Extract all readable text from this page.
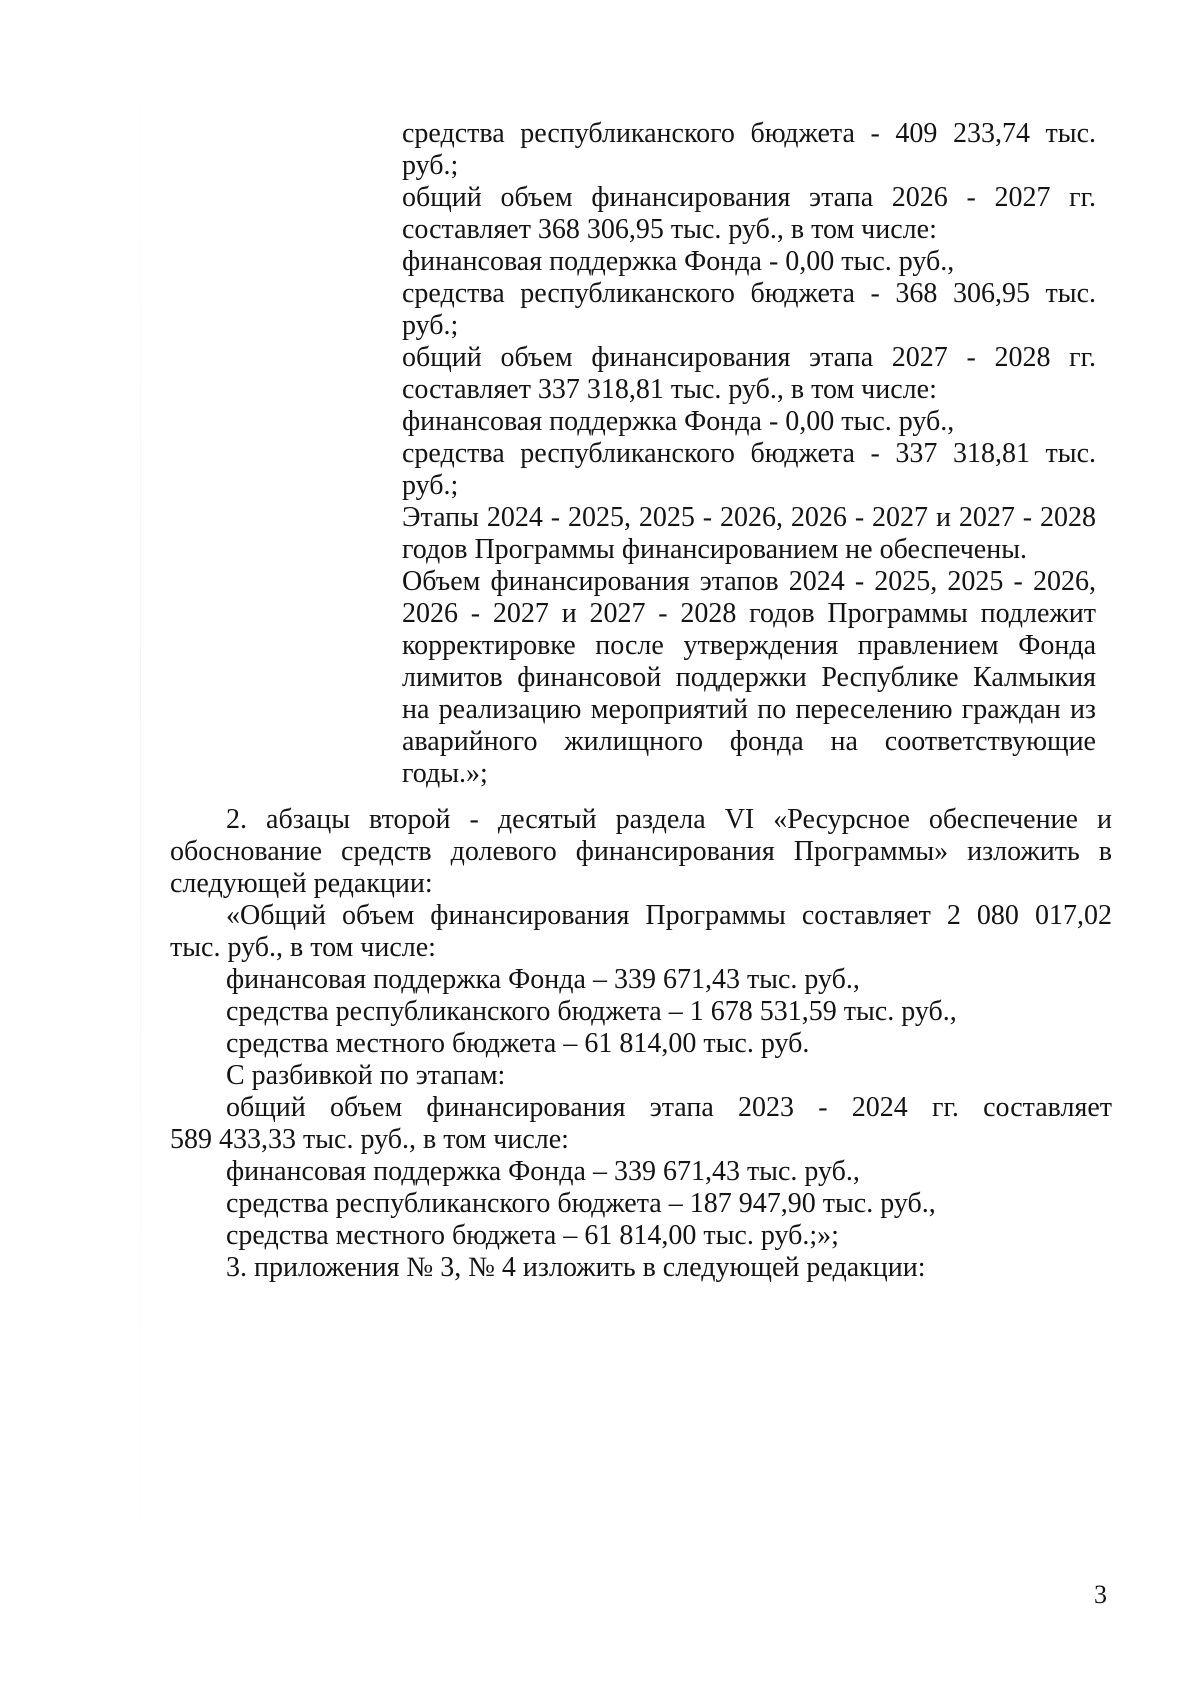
средства республиканского бюджета - 409 233,74 тыс.
руб.;
общий объем финансирования этапа 2026 - 2027 гг.
составляет 368 306,95 тыс. руб., в том числе:
финансовая поддержка Фонда - 0,00 тыс. руб.,
средства республиканского бюджета - 368 306,95 тыс.
руб.;
общий объем финансирования этапа 2027 - 2028 гг.
составляет 337 318,81 тыс. руб., в том числе:
финансовая поддержка Фонда - 0,00 тыс. руб.,
средства республиканского бюджета - 337 318,81 тыс.
руб.;
Этапы 2024 - 2025, 2025 - 2026, 2026 - 2027 и 2027 - 2028
годов Программы финансированием не обеспечены.
Объем финансирования этапов 2024 - 2025, 2025 - 2026,
2026 - 2027 и 2027 - 2028 годов Программы подлежит
корректировке после утверждения правлением Фонда
лимитов финансовой поддержки Республике Калмыкия
на реализацию мероприятий по переселению граждан из
аварийного жилищного фонда на соответствующие
годы.»;
2. абзацы второй - десятый раздела VI «Ресурсное обеспечение и
обоснование средств долевого финансирования Программы» изложить в
следующей редакции:
«Общий объем финансирования Программы составляет 2 080 017,02
тыс. руб., в том числе:
финансовая поддержка Фонда – 339 671,43 тыс. руб.,
средства республиканского бюджета – 1 678 531,59 тыс. руб.,
средства местного бюджета – 61 814,00 тыс. руб.
С разбивкой по этапам:
общий объем финансирования этапа 2023 - 2024 гг. составляет
589 433,33 тыс. руб., в том числе:
финансовая поддержка Фонда – 339 671,43 тыс. руб.,
средства республиканского бюджета – 187 947,90 тыс. руб.,
средства местного бюджета – 61 814,00 тыс. руб.;»;
3. приложения № 3, № 4 изложить в следующей редакции:
3
